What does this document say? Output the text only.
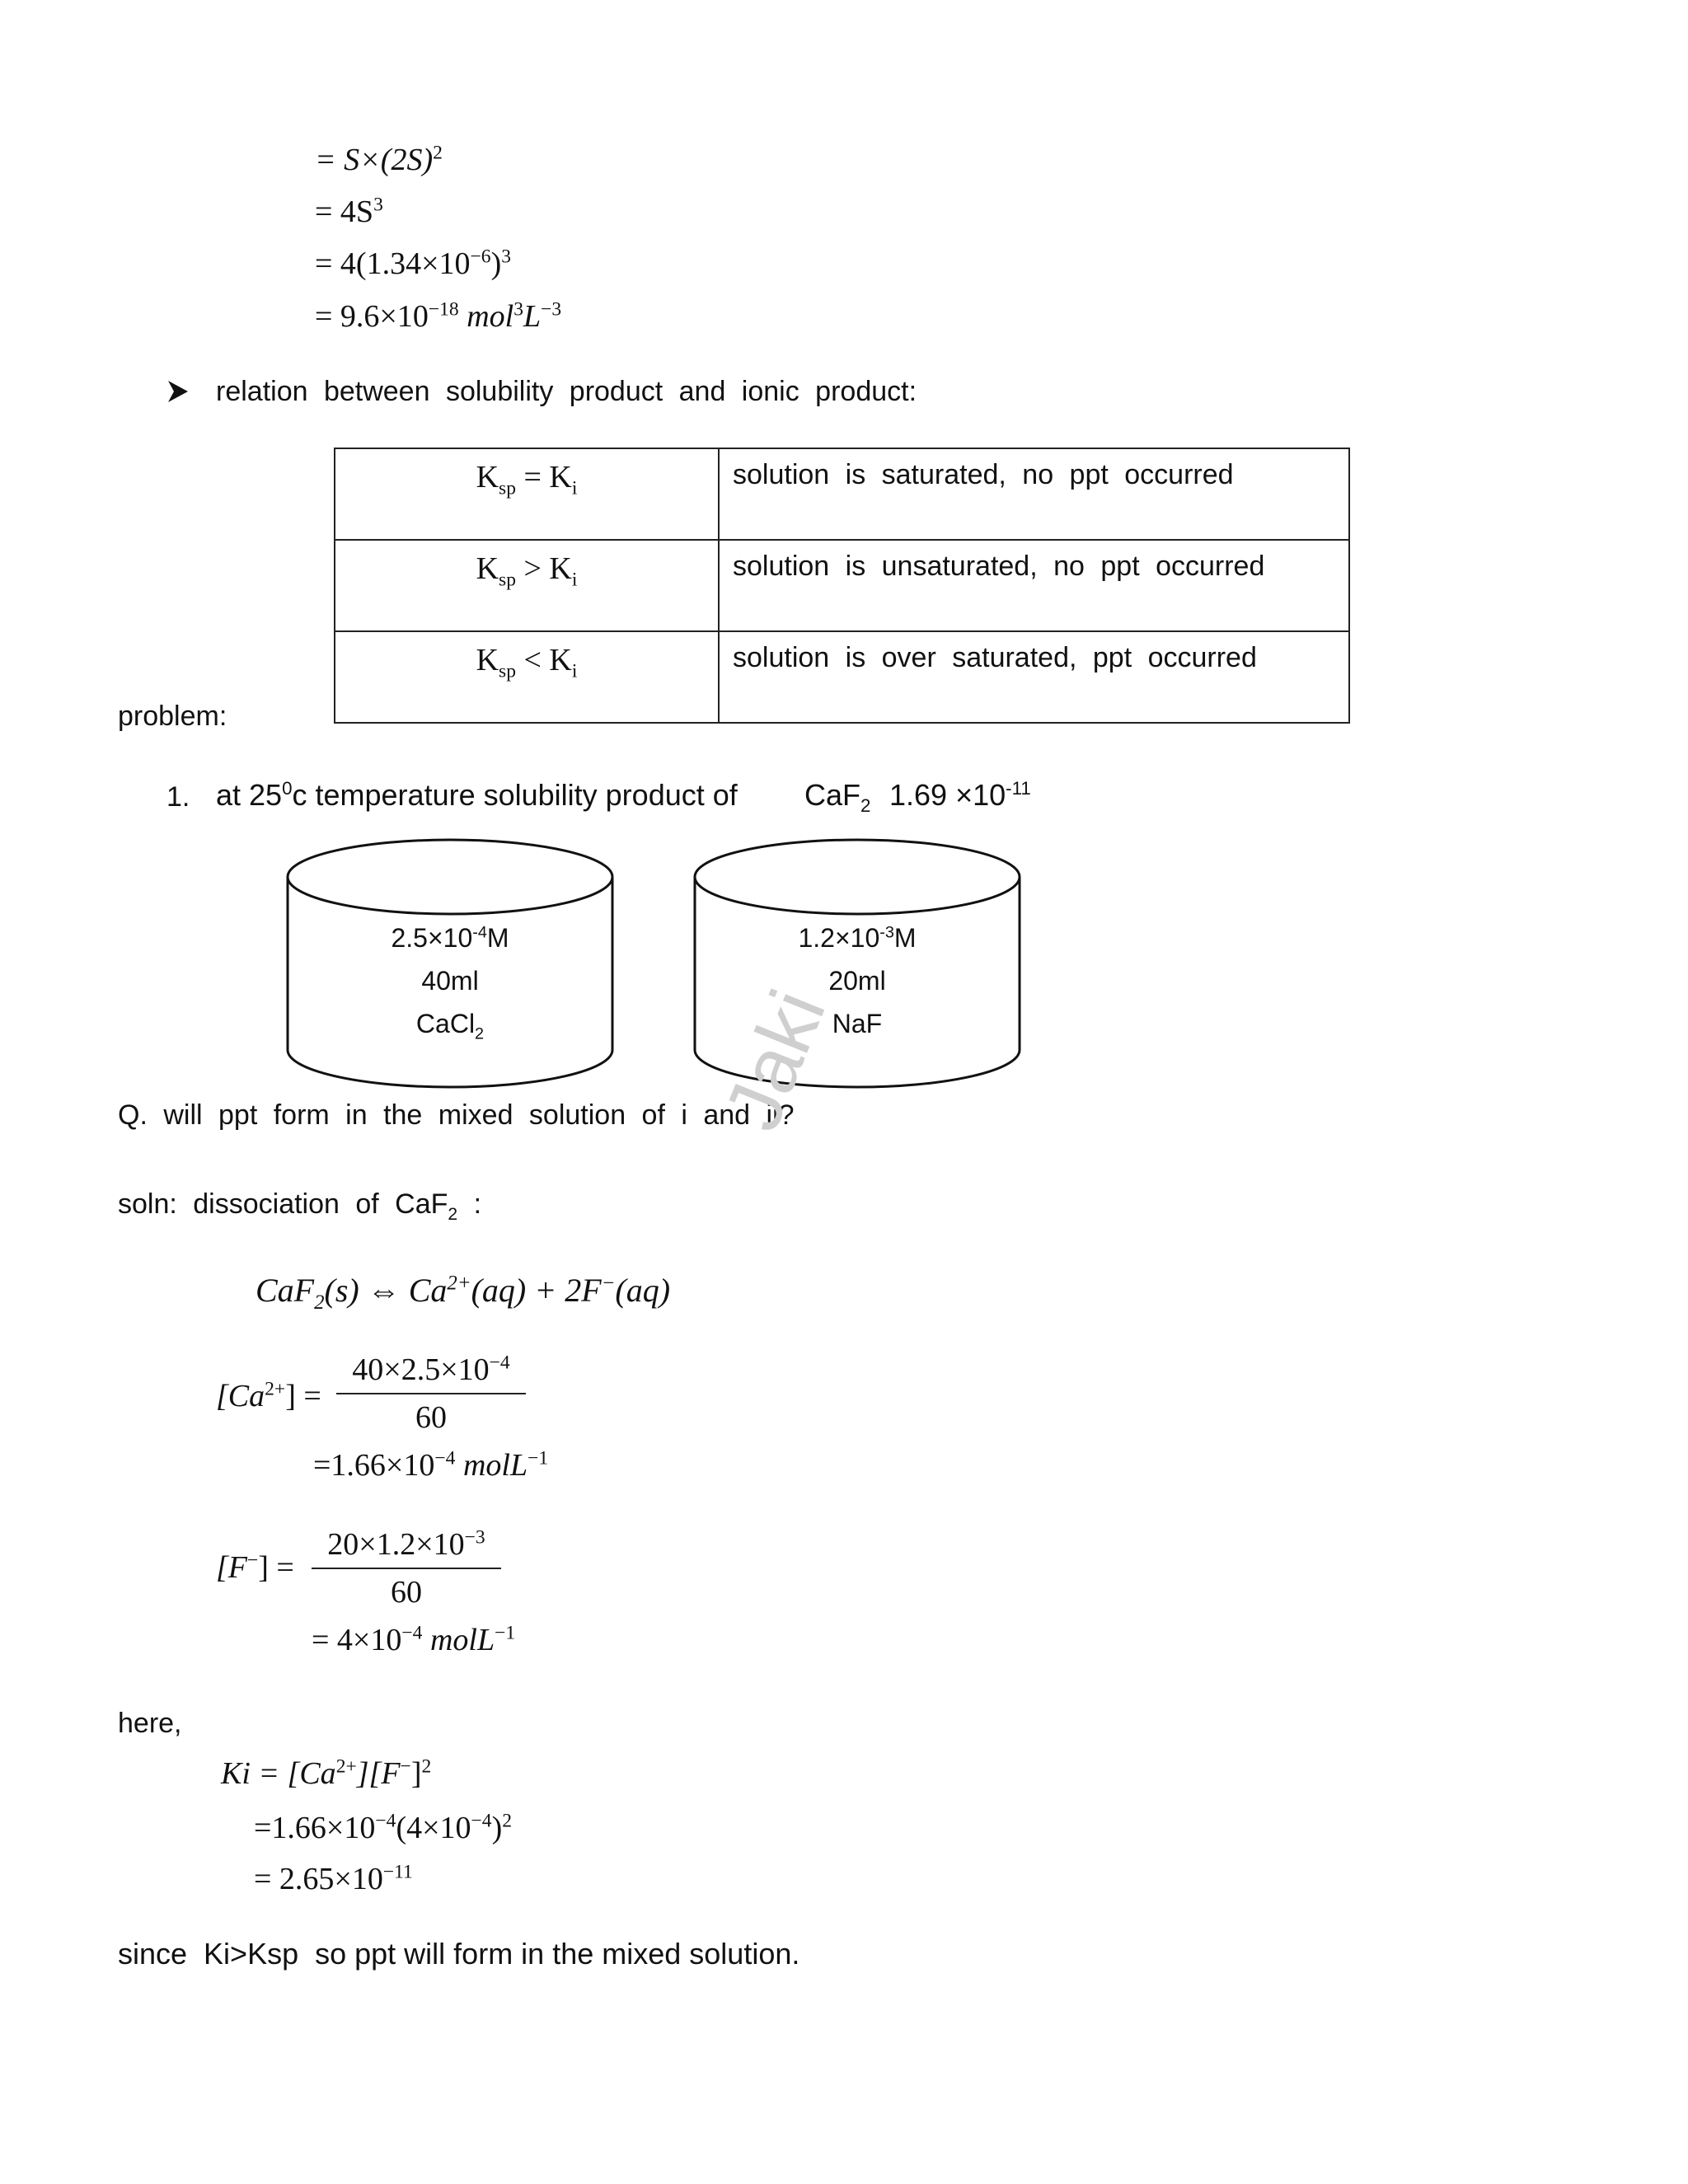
= $S\times(2S)^2$
= $4S^3$
= $4(1.34\times 10^{-6})^3$
= $9.6\times 10^{-18}$ $mol^3L^{-3}$
relation between solubility product and ionic product:
$K_{sp} = K_i$	solution is saturated, no ppt occurred
$K_{sp} > K_i$	solution is unsaturated, no ppt occurred
$K_{sp} < K_i$	solution is over saturated, ppt occurred
problem:
1. at $25^0c$ temperature solubility product of CaF$_2$ $1.69 \times 10^{-11}$
$2.5\times 10^{-4}M$
40ml
CaCl$_2$
$1.2\times 10^{-3}M$
20ml
NaF
Q. will ppt form in the mixed solution of i and ii?
Jaki
soln: dissociation of CaF$_2$ :
CaF$_2$(s) ⇔ $Ca^{2+}(aq) + 2F^-(aq)$
$[Ca^{2+}] = \frac{40\times 2.5\times 10^{-4}}{60}$
$=1.66\times 10^{-4}$ molL$^{-1}$
$[F^-] = \frac{20\times 1.2\times 10^{-3}}{60}$
= $4\times 10^{-4}$ molL$^{-1}$
here,
$Ki = [Ca^{2+}][F^-]^2$
$=1.66\times 10^{-4}(4\times 10^{-4})^2$
= $2.65\times 10^{-11}$
since  Ki>Ksp  so ppt will form in the mixed solution.
